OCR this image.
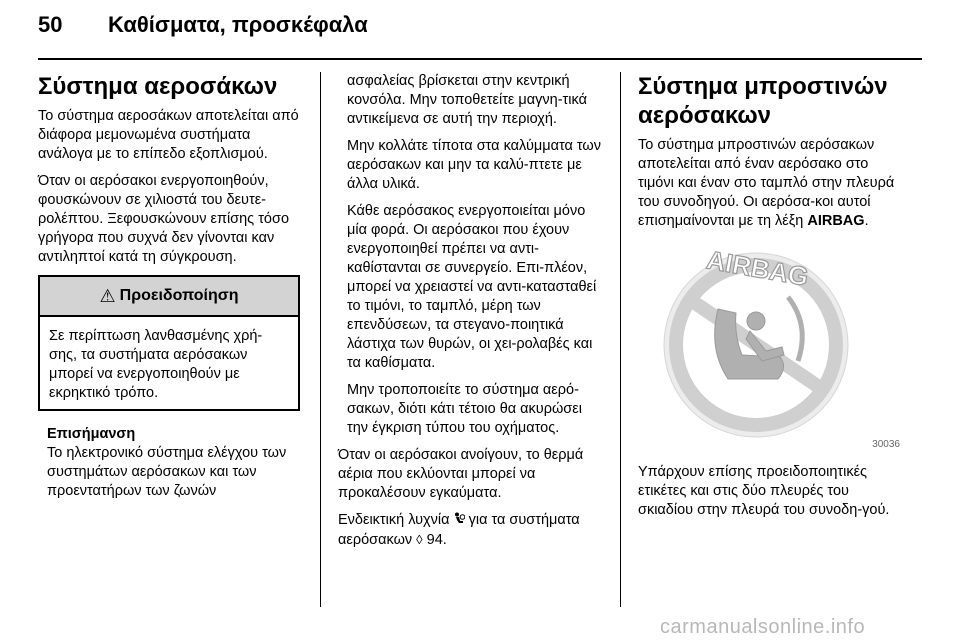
50 Καθίσματα, προσκέφαλα
Σύστημα αεροσάκων

Το σύστημα αεροσάκων αποτελείται από διάφορα μεμονωμένα συστήματα ανάλογα με το επίπεδο εξοπλισμού.

Όταν οι αερόσακοι ενεργοποιηθούν, φουσκώνουν σε χιλιοστά του δευτε-ρολέπτου. Ξεφουσκώνουν επίσης τόσο γρήγορα που συχνά δεν γίνονται καν αντιληπτοί κατά τη σύγκρουση.

⚠ Προειδοποίηση

Σε περίπτωση λανθασμένης χρή-σης, τα συστήματα αερόσακων μπορεί να ενεργοποιηθούν με εκρηκτικό τρόπο.

Επισήμανση

Το ηλεκτρονικό σύστημα ελέγχου των συστημάτων αερόσακων και των προεντατήρων των ζωνών

ασφαλείας βρίσκεται στην κεντρική κονσόλα. Μην τοποθετείτε μαγνη-τικά αντικείμενα σε αυτή την περιοχή.

Μην κολλάτε τίποτα στα καλύμματα των αερόσακων και μην τα καλύ-πτετε με άλλα υλικά.

Κάθε αερόσακος ενεργοποιείται μόνο μία φορά. Οι αερόσακοι που έχουν ενεργοποιηθεί πρέπει να αντι-καθίστανται σε συνεργείο. Επι-πλέον, μπορεί να χρειαστεί να αντι-κατασταθεί το τιμόνι, το ταμπλό, μέρη των επενδύσεων, τα στεγανο-ποιητικά λάστιχα των θυρών, οι χει-ρολαβές και τα καθίσματα.

Μην τροποποιείτε το σύστημα αερό-σακων, διότι κάτι τέτοιο θα ακυρώσει την έγκριση τύπου του οχήματος.

Όταν οι αερόσακοι ανοίγουν, το θερμά αέρια που εκλύονται μπορεί να προκαλέσουν εγκαύματα.

Ενδεικτική λυχνία για τα συστήματα αερόσακων ◊ 94.

Σύστημα μπροστινών αερόσακων

Το σύστημα μπροστινών αερόσακων αποτελείται από έναν αερόσακο στο τιμόνι και έναν στο ταμπλό στην πλευρά του συνοδηγού. Οι αερόσα-κοι αυτοί επισημαίνονται με τη λέξη AIRBAG.

AIRBAG
30036

Υπάρχουν επίσης προειδοποιητικές ετικέτες και στις δύο πλευρές του σκιαδίου στην πλευρά του συνοδη-γού.

carmanualsonline.info
